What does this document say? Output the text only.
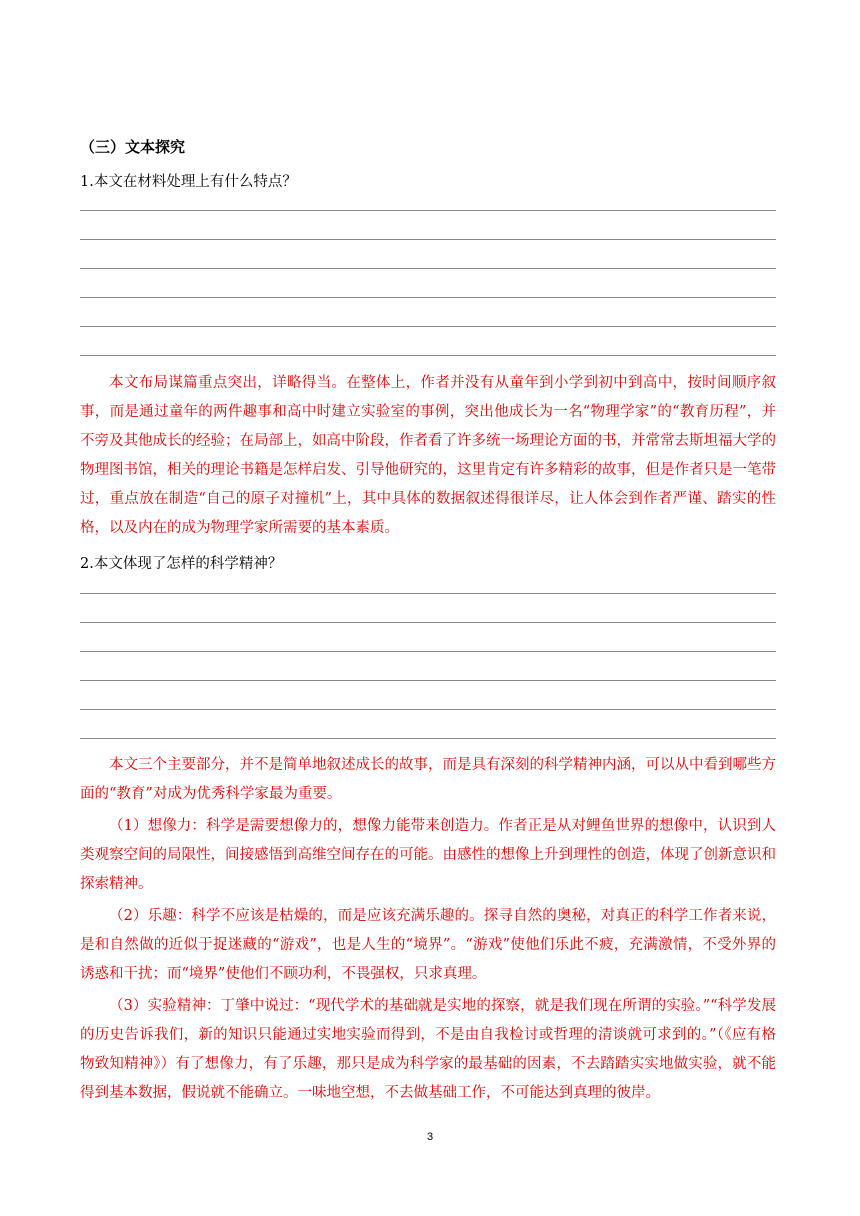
（三）文本探究
1.本文在材料处理上有什么特点？

本文布局谋篇重点突出，详略得当。在整体上，作者并没有从童年到小学到初中到高中，按时间顺序叙事，而是通过童年的两件趣事和高中时建立实验室的事例，突出他成长为一名“物理学家”的“教育历程”，并不旁及其他成长的经验；在局部上，如高中阶段，作者看了许多统一场理论方面的书，并常常去斯坦福大学的物理图书馆，相关的理论书籍是怎样启发、引导他研究的，这里肯定有许多精彩的故事，但是作者只是一笔带过，重点放在制造“自己的原子对撞机”上，其中具体的数据叙述得很详尽，让人体会到作者严谨、踏实的性格，以及内在的成为物理学家所需要的基本素质。

2.本文体现了怎样的科学精神？

本文三个主要部分，并不是简单地叙述成长的故事，而是具有深刻的科学精神内涵，可以从中看到哪些方面的“教育”对成为优秀科学家最为重要。

（1）想像力：科学是需要想像力的，想像力能带来创造力。作者正是从对鲤鱼世界的想像中，认识到人类观察空间的局限性，间接感悟到高维空间存在的可能。由感性的想像上升到理性的创造，体现了创新意识和探索精神。

（2）乐趣：科学不应该是枯燥的，而是应该充满乐趣的。探寻自然的奥秘，对真正的科学工作者来说，是和自然做的近似于捉迷藏的“游戏”，也是人生的“境界”。“游戏”使他们乐此不疲，充满激情，不受外界的诱惑和干扰；而“境界”使他们不顾功利，不畏强权，只求真理。

（3）实验精神：丁肇中说过：“现代学术的基础就是实地的探察，就是我们现在所谓的实验。”“科学发展的历史告诉我们，新的知识只能通过实地实验而得到，不是由自我检讨或哲理的清谈就可求到的。”（《应有格物致知精神》）有了想像力，有了乐趣，那只是成为科学家的最基础的因素，不去踏踏实实地做实验，就不能得到基本数据，假说就不能确立。一味地空想，不去做基础工作，不可能达到真理的彼岸。

3
